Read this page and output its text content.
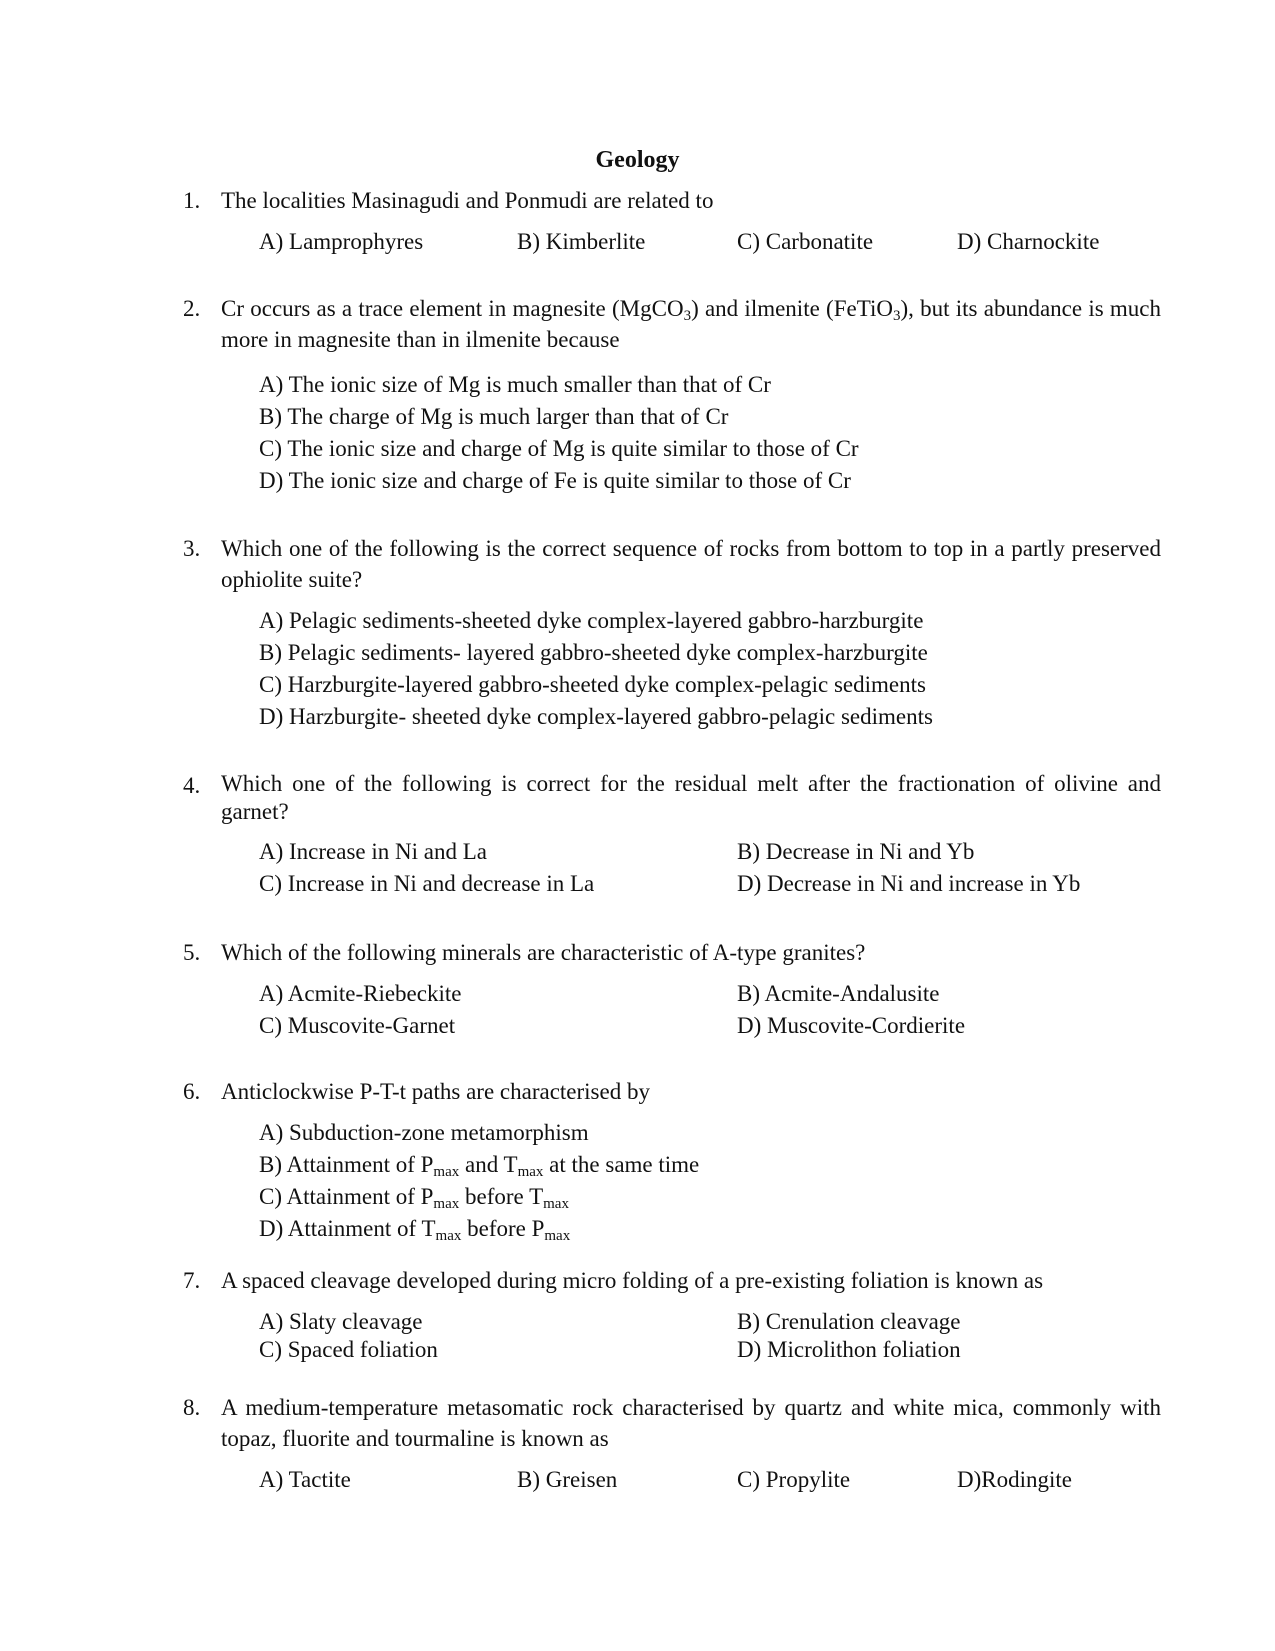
Geology
1. The localities Masinagudi and Ponmudi are related to
A) Lamprophyres	B) Kimberlite	C) Carbonatite	D) Charnockite
2. Cr occurs as a trace element in magnesite (MgCO$_3$) and ilmenite (FeTiO$_3$), but its abundance is much more in magnesite than in ilmenite because
A) The ionic size of Mg is much smaller than that of Cr
B) The charge of Mg is much larger than that of Cr
C) The ionic size and charge of Mg is quite similar to those of Cr
D) The ionic size and charge of Fe is quite similar to those of Cr
3. Which one of the following is the correct sequence of rocks from bottom to top in a partly preserved ophiolite suite?
A) Pelagic sediments-sheeted dyke complex-layered gabbro-harzburgite
B) Pelagic sediments- layered gabbro-sheeted dyke complex-harzburgite
C) Harzburgite-layered gabbro-sheeted dyke complex-pelagic sediments
D) Harzburgite- sheeted dyke complex-layered gabbro-pelagic sediments
4. Which one of the following is correct for the residual melt after the fractionation of olivine and garnet?
A) Increase in Ni and La	B) Decrease in Ni and Yb
C) Increase in Ni and decrease in La	D) Decrease in Ni and increase in Yb
5. Which of the following minerals are characteristic of A-type granites?
A) Acmite-Riebeckite	B) Acmite-Andalusite
C) Muscovite-Garnet	D) Muscovite-Cordierite
6. Anticlockwise P-T-t paths are characterised by
A) Subduction-zone metamorphism
B) Attainment of $P_{max}$ and $T_{max}$ at the same time
C) Attainment of $P_{max}$ before $T_{max}$
D) Attainment of $T_{max}$ before $P_{max}$
7. A spaced cleavage developed during micro folding of a pre-existing foliation is known as
A) Slaty cleavage	B) Crenulation cleavage
C) Spaced foliation	D) Microlithon foliation
8. A medium-temperature metasomatic rock characterised by quartz and white mica, commonly with topaz, fluorite and tourmaline is known as
A) Tactite	B) Greisen	C) Propylite	D)Rodingite
